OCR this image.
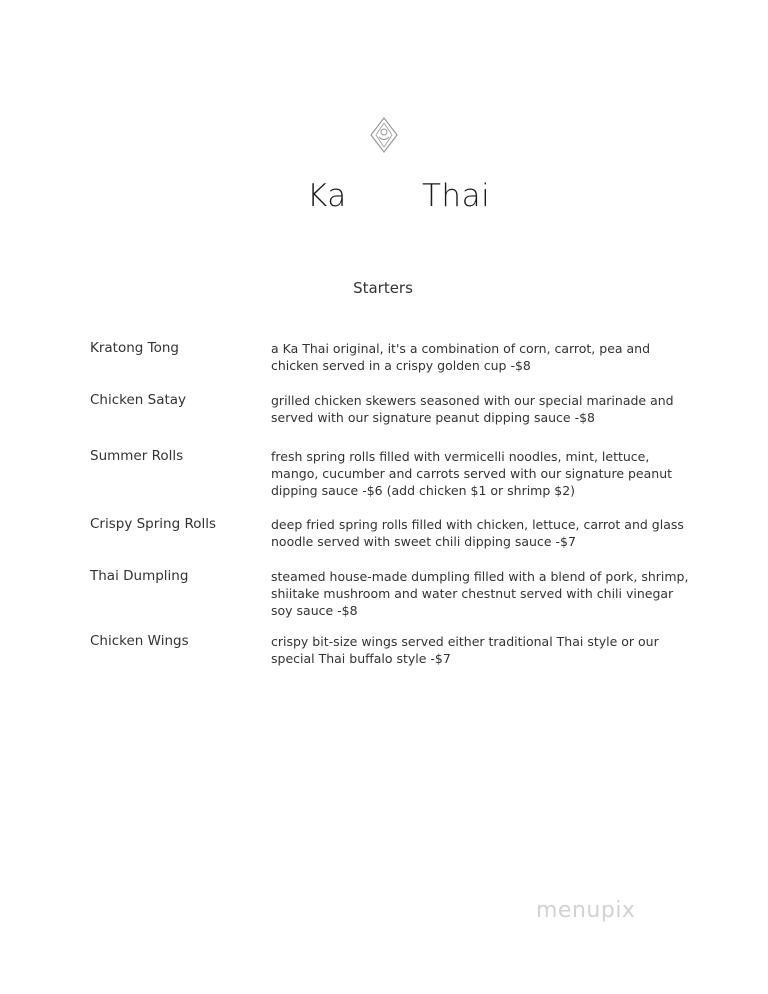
Ka Thai
Starters
Kratong Tong	a Ka Thai original, it's a combination of corn, carrot, pea and chicken served in a crispy golden cup -$8
Chicken Satay	grilled chicken skewers seasoned with our special marinade and served with our signature peanut dipping sauce -$8
Summer Rolls	fresh spring rolls filled with vermicelli noodles, mint, lettuce, mango, cucumber and carrots served with our signature peanut dipping sauce -$6 (add chicken $1 or shrimp $2)
Crispy Spring Rolls	deep fried spring rolls filled with chicken, lettuce, carrot and glass noodle served with sweet chili dipping sauce -$7
Thai Dumpling	steamed house-made dumpling filled with a blend of pork, shrimp, shiitake mushroom and water chestnut served with chili vinegar soy sauce -$8
Chicken Wings	crispy bit-size wings served either traditional Thai style or our special Thai buffalo style -$7
menupix
